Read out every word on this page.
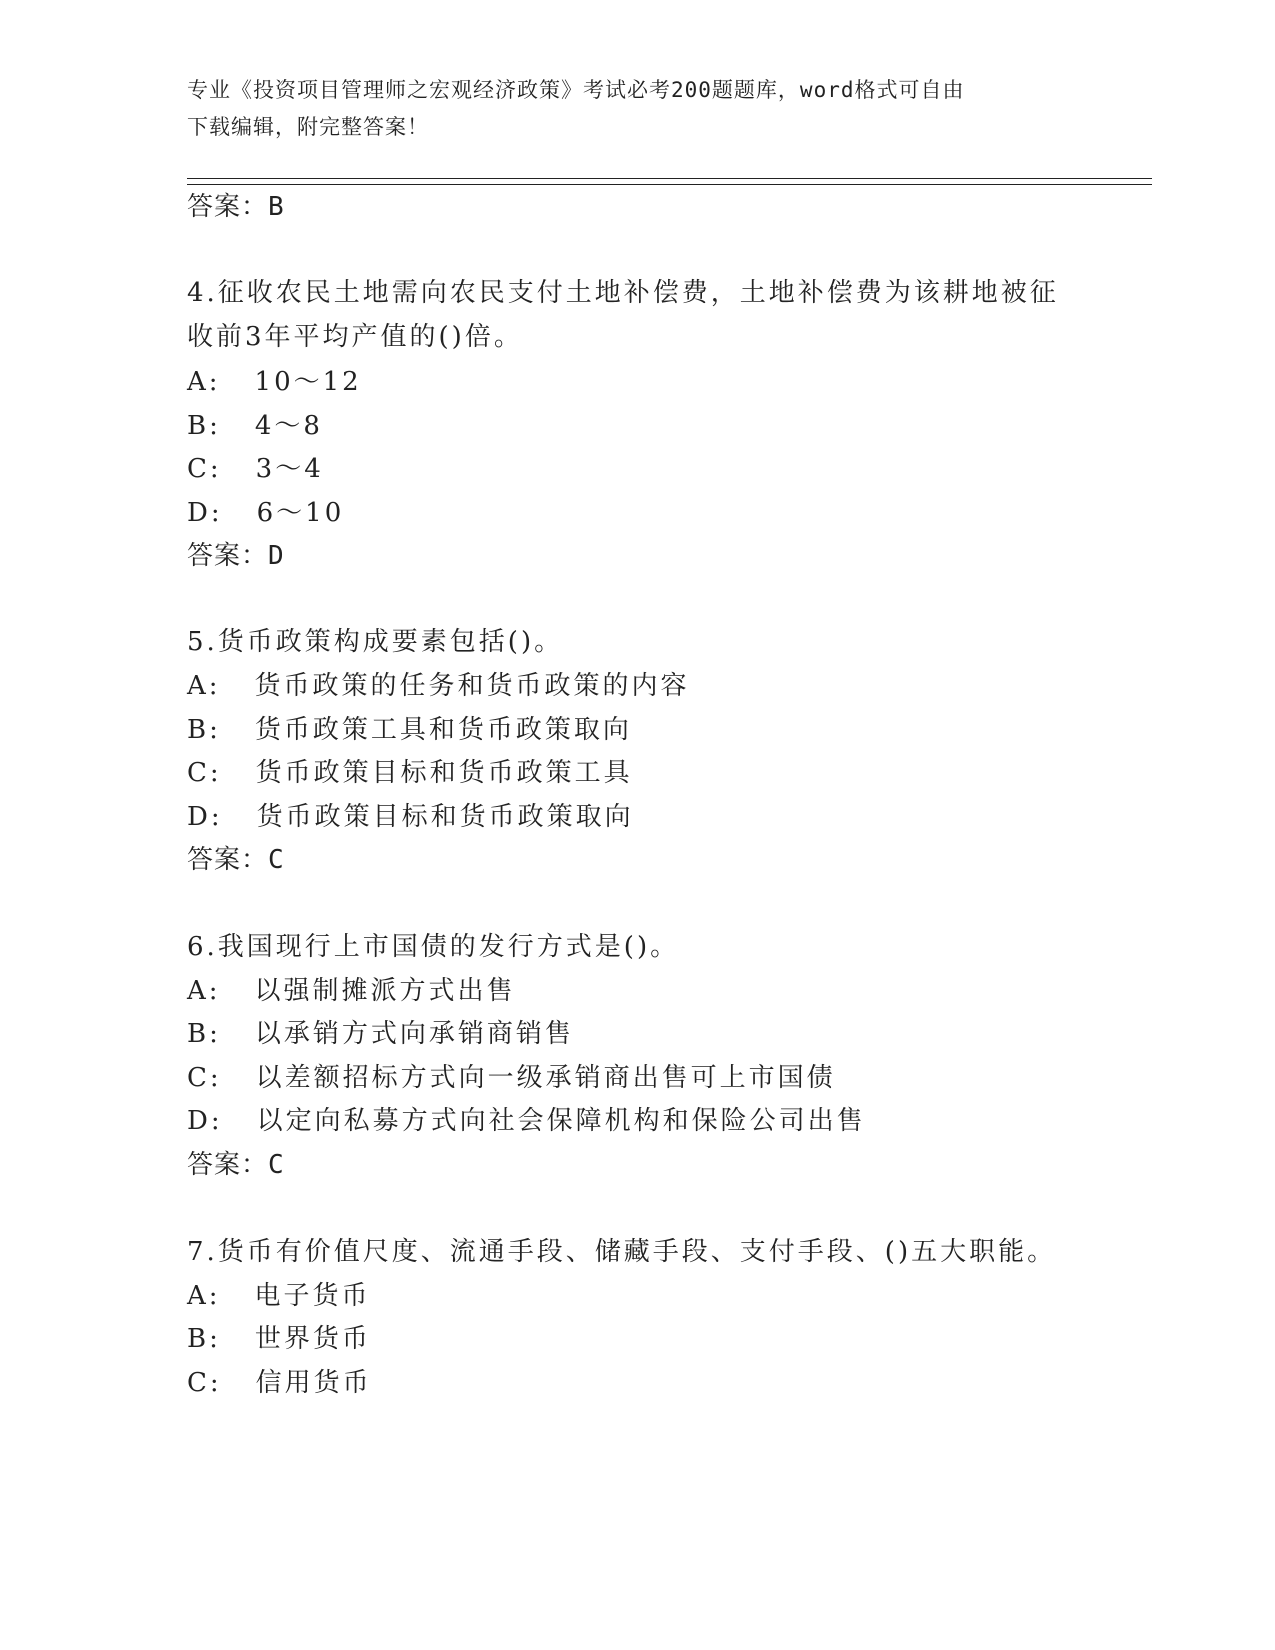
专业《投资项目管理师之宏观经济政策》考试必考200题题库，word格式可自由
下载编辑，附完整答案！
答案：B
4.征收农民土地需向农民支付土地补偿费，土地补偿费为该耕地被征
收前3年平均产值的()倍。
A: 10～12
B: 4～8
C: 3～4
D: 6～10
答案：D
5.货币政策构成要素包括()。
A: 货币政策的任务和货币政策的内容
B: 货币政策工具和货币政策取向
C: 货币政策目标和货币政策工具
D: 货币政策目标和货币政策取向
答案：C
6.我国现行上市国债的发行方式是()。
A: 以强制摊派方式出售
B: 以承销方式向承销商销售
C: 以差额招标方式向一级承销商出售可上市国债
D: 以定向私募方式向社会保障机构和保险公司出售
答案：C
7.货币有价值尺度、流通手段、储藏手段、支付手段、()五大职能。
A: 电子货币
B: 世界货币
C: 信用货币
